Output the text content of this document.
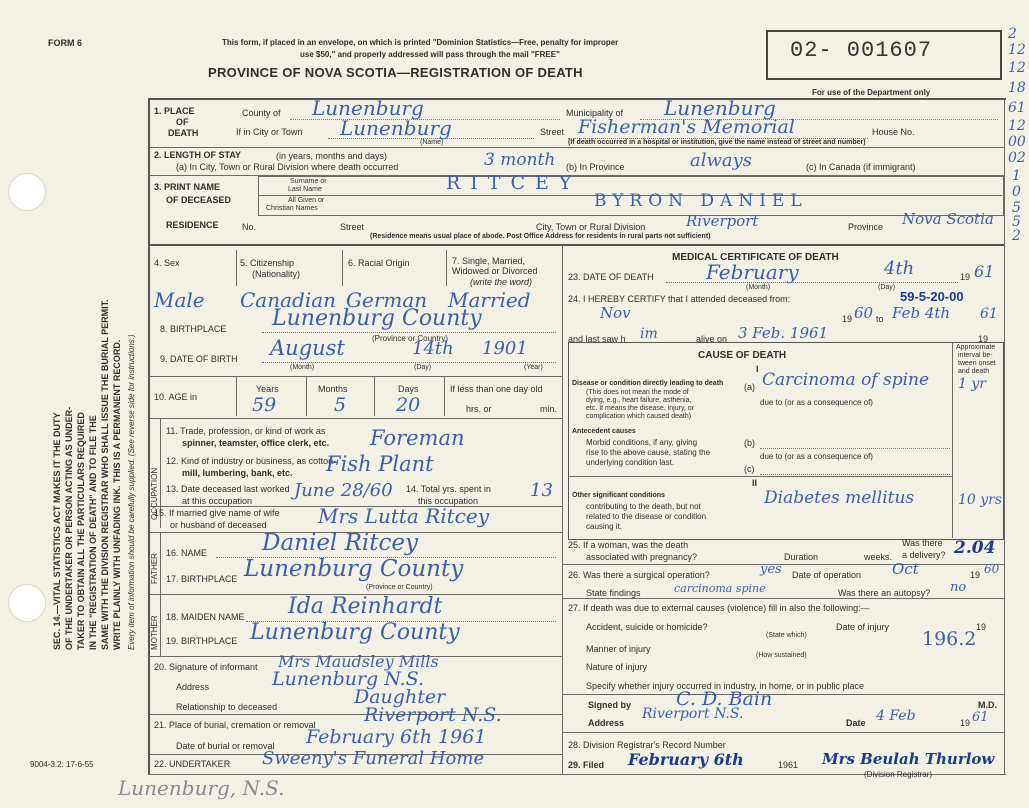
FORM 6	This form, if placed in an envelope, on which is printed "Dominion Statistics—Free, penalty for improper
use $50," and properly addressed will pass through the mail "FREE"
PROVINCE OF NOVA SCOTIA—REGISTRATION OF DEATH
02- 001607
For use of the Department only
2
12
12
18
61
12
00
02
1
0
5
5
2
SEC. 14.—VITAL STATISTICS ACT MAKES IT THE DUTY OF THE UNDERTAKER OR PERSON ACTING AS UNDER- TAKER TO OBTAIN ALL THE PARTICULARS REQUIRED IN THE "REGISTRATION OF DEATH" AND TO FILE THE SAME WITH THE DIVISION REGISTRAR WHO SHALL ISSUE THE BURIAL PERMIT. WRITE PLAINLY WITH UNFADING INK. THIS IS A PERMANENT RECORD. Every item of information should be carefully supplied. (See reverse side for instructions.)
1. PLACE
OF
DEATH
County of Lunenburg	Municipality of Lunenburg
If in City or Town Lunenburg	Street Fisherman's Memorial	House No.
(Name)	(If death occurred in a hospital or institution, give the name instead of street and number)
2. LENGTH OF STAY	(in years, months and days)
(a) In City, Town or Rural Division where death occurred	3 month (b) In Province	always	(c) In Canada (if immigrant)
3. PRINT NAME
OF DECEASED
Surname or
Last Name	RITCEY
All Given or
Christian Names	BYRON DANIEL
RESIDENCE	No.	Street	City, Town or Rural Division	Riverport	Province Nova Scotia
(Residence means usual place of abode. Post Office Address for residents in rural parts not sufficient)
4. Sex	5. Citizenship
(Nationality)
6. Racial Origin	7. Single, Married,
Widowed or Divorced
(write the word)
Male Canadian German Married
8. BIRTHPLACE Lunenburg County
(Province or Country)
9. DATE OF BIRTH August	14th 1901
(Month)	(Day)	(Year)
10. AGE in
Years	Months	Days	If less than one day old
hrs. or	min.
59	5	20
OCCUPATION
11. Trade, profession, or kind of work as
spinner, teamster, office clerk, etc. Foreman
12. Kind of industry or business, as cotton-
mill, lumbering, bank, etc. Fish Plant
13. Date deceased last worked
at this occupation June 28/60 14. Total yrs. spent in
this occupation	13
15. If married give name of wife
or husband of deceased	Mrs Lutta Ritcey
FATHER
16. NAME Daniel Ritcey
17. BIRTHPLACE Lunenburg County
(Province or Country)
MOTHER 18. MAIDEN NAME Ida Reinhardt
19. BIRTHPLACE Lunenburg County
20. Signature of informant Mrs Maudsley Mills
Address	Lunenburg N.S.
Relationship to deceased	Daughter
21. Place of burial, cremation or removal	Riverport N.S.
Date of burial or removal February 6th 1961
22. UNDERTAKER Sweeny's Funeral Home
9004-3.2: 17-6-55
Lunenburg, N.S.
MEDICAL CERTIFICATE OF DEATH
23. DATE OF DEATH	February	4th	19 61
(Month)	(Day)
24. I HEREBY CERTIFY that I attended deceased from:	59-5-20-00
Nov	19 60 to Feb 4th 61
and last saw h im	alive on 3 Feb. 1961	19
CAUSE OF DEATH
Approximate
interval be-
tween onset
and death
I
Disease or condition directly leading to death
(This does not mean the mode of
dying, e.g., heart failure, asthenia,
etc. It means the disease, injury, or
complication which caused death)
(a) Carcinoma of spine 1 yr
due to (or as a consequence of)
Antecedent causes
Morbid conditions, if any, giving
rise to the above cause, stating the
underlying condition last.
(b)
due to (or as a consequence of)
(c)
II
Other significant conditions
contributing to the death, but not
related to the disease or condition
causing it.
Diabetes mellitus	10 yrs
25. If a woman, was the death
associated with pregnancy?	Duration	weeks.
Was there
a delivery? 2.04
26. Was there a surgical operation?	yes Date of operation Oct	19 60
State findings	carcinoma spine	Was there an autopsy? no
27. If death was due to external causes (violence) fill in also the following:—
Accident, suicide or homicide?	Date of injury	19
(State which)
Manner of injury	196.2
(How sustained)
Nature of injury
Specify whether injury occurred in industry, in home, or in public place
Signed by C. D. Bain	M.D.
Address
Riverport N.S.
Date 4 Feb	19 61
28. Division Registrar's Record Number
29. Filed February 6th	1961 Mrs Beulah Thurlow
(Division Registrar)
